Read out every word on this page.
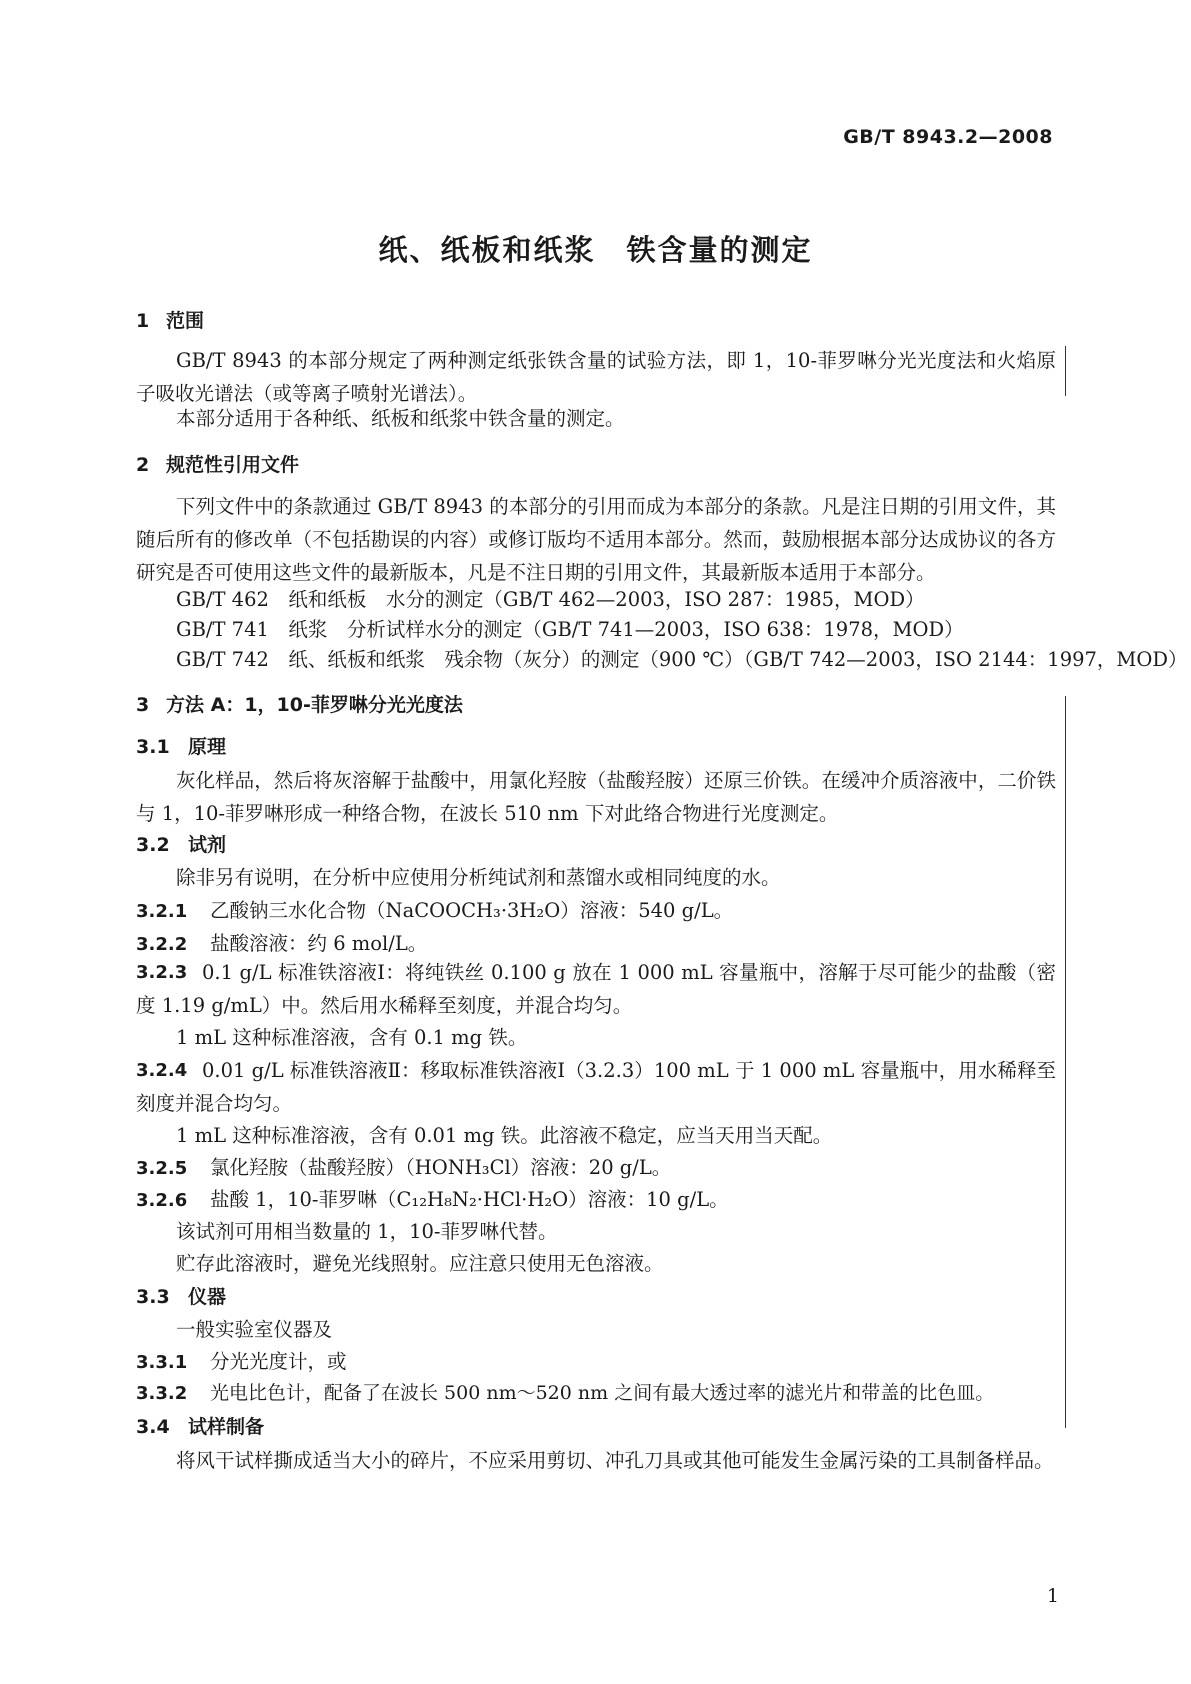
GB/T 8943.2—2008
纸、纸板和纸浆　铁含量的测定
1 范围
GB/T 8943 的本部分规定了两种测定纸张铁含量的试验方法，即 1，10-菲罗啉分光光度法和火焰原子吸收光谱法（或等离子喷射光谱法）。
本部分适用于各种纸、纸板和纸浆中铁含量的测定。
2 规范性引用文件
下列文件中的条款通过 GB/T 8943 的本部分的引用而成为本部分的条款。凡是注日期的引用文件，其随后所有的修改单（不包括勘误的内容）或修订版均不适用本部分。然而，鼓励根据本部分达成协议的各方研究是否可使用这些文件的最新版本，凡是不注日期的引用文件，其最新版本适用于本部分。
GB/T 462　纸和纸板　水分的测定（GB/T 462—2003，ISO 287：1985，MOD）
GB/T 741　纸浆　分析试样水分的测定（GB/T 741—2003，ISO 638：1978，MOD）
GB/T 742　纸、纸板和纸浆　残余物（灰分）的测定（900 ℃）（GB/T 742—2003，ISO 2144：1997，MOD）
3 方法 A：1，10-菲罗啉分光光度法
3.1 原理
灰化样品，然后将灰溶解于盐酸中，用氯化羟胺（盐酸羟胺）还原三价铁。在缓冲介质溶液中，二价铁与 1，10-菲罗啉形成一种络合物，在波长 510 nm 下对此络合物进行光度测定。
3.2 试剂
除非另有说明，在分析中应使用分析纯试剂和蒸馏水或相同纯度的水。
3.2.1 乙酸钠三水化合物（NaCOOCH₃·3H₂O）溶液：540 g/L。
3.2.2 盐酸溶液：约 6 mol/L。
3.2.3 0.1 g/L 标准铁溶液Ⅰ：将纯铁丝 0.100 g 放在 1 000 mL 容量瓶中，溶解于尽可能少的盐酸（密度 1.19 g/mL）中。然后用水稀释至刻度，并混合均匀。
1 mL 这种标准溶液，含有 0.1 mg 铁。
3.2.4 0.01 g/L 标准铁溶液Ⅱ：移取标准铁溶液Ⅰ（3.2.3）100 mL 于 1 000 mL 容量瓶中，用水稀释至刻度并混合均匀。
1 mL 这种标准溶液，含有 0.01 mg 铁。此溶液不稳定，应当天用当天配。
3.2.5 氯化羟胺（盐酸羟胺）（HONH₃Cl）溶液：20 g/L。
3.2.6 盐酸 1，10-菲罗啉（C₁₂H₈N₂·HCl·H₂O）溶液：10 g/L。
该试剂可用相当数量的 1，10-菲罗啉代替。
贮存此溶液时，避免光线照射。应注意只使用无色溶液。
3.3 仪器
一般实验室仪器及
3.3.1 分光光度计，或
3.3.2 光电比色计，配备了在波长 500 nm～520 nm 之间有最大透过率的滤光片和带盖的比色皿。
3.4 试样制备
将风干试样撕成适当大小的碎片，不应采用剪切、冲孔刀具或其他可能发生金属污染的工具制备样品。
1
